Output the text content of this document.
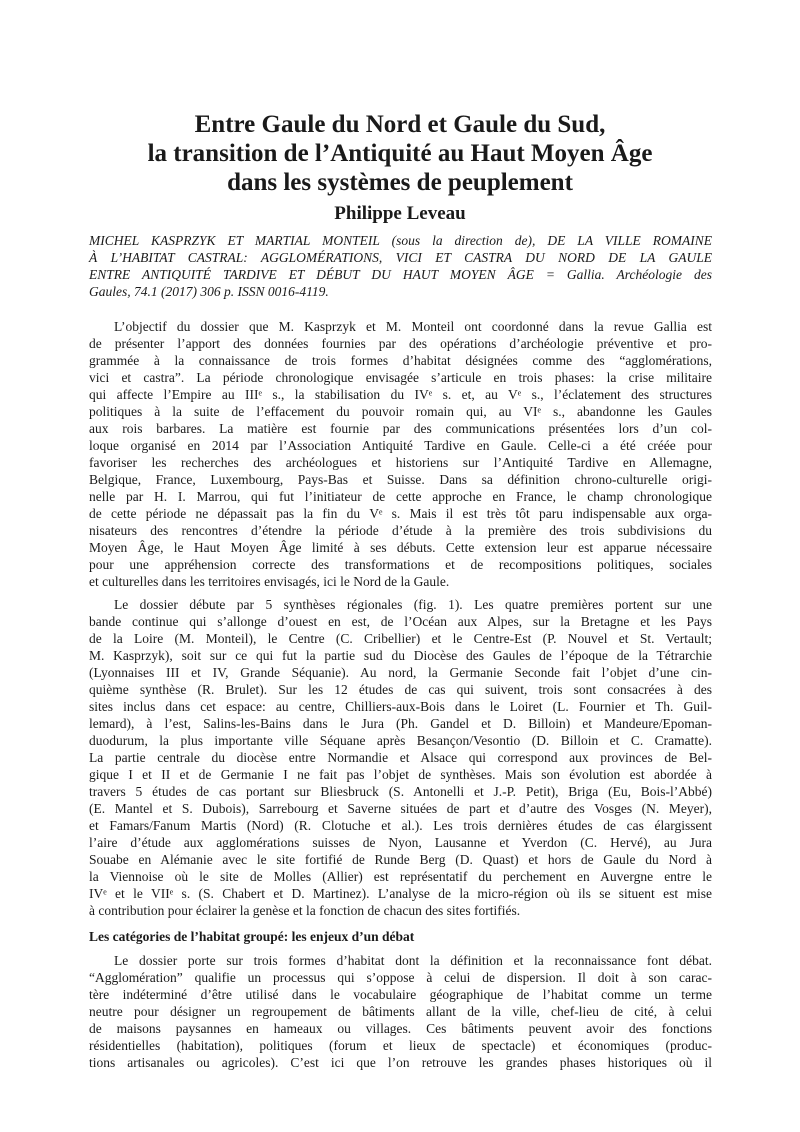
Entre Gaule du Nord et Gaule du Sud,
la transition de l’Antiquité au Haut Moyen Âge
dans les systèmes de peuplement
Philippe Leveau
MICHEL KASPRZYK ET MARTIAL MONTEIL (sous la direction de), DE LA VILLE ROMAINE
À L’HABITAT CASTRAL: AGGLOMÉRATIONS, VICI ET CASTRA DU NORD DE LA GAULE
ENTRE ANTIQUITÉ TARDIVE ET DÉBUT DU HAUT MOYEN ÂGE = Gallia. Archéologie des
Gaules, 74.1 (2017) 306 p. ISSN 0016-4119.
L’objectif du dossier que M. Kasprzyk et M. Monteil ont coordonné dans la revue Gallia est
de présenter l’apport des données fournies par des opérations d’archéologie préventive et pro-
grammée à la connaissance de trois formes d’habitat désignées comme des “agglomérations,
vici et castra”. La période chronologique envisagée s’articule en trois phases: la crise militaire
qui affecte l’Empire au IIIᵉ s., la stabilisation du IVᵉ s. et, au Vᵉ s., l’éclatement des structures
politiques à la suite de l’effacement du pouvoir romain qui, au VIᵉ s., abandonne les Gaules
aux rois barbares. La matière est fournie par des communications présentées lors d’un col-
loque organisé en 2014 par l’Association Antiquité Tardive en Gaule. Celle-ci a été créée pour
favoriser les recherches des archéologues et historiens sur l’Antiquité Tardive en Allemagne,
Belgique, France, Luxembourg, Pays-Bas et Suisse. Dans sa définition chrono-culturelle origi-
nelle par H. I. Marrou, qui fut l’initiateur de cette approche en France, le champ chronologique
de cette période ne dépassait pas la fin du Vᵉ s. Mais il est très tôt paru indispensable aux orga-
nisateurs des rencontres d’étendre la période d’étude à la première des trois subdivisions du
Moyen Âge, le Haut Moyen Âge limité à ses débuts. Cette extension leur est apparue nécessaire
pour une appréhension correcte des transformations et de recompositions politiques, sociales
et culturelles dans les territoires envisagés, ici le Nord de la Gaule.
Le dossier débute par 5 synthèses régionales (fig. 1). Les quatre premières portent sur une
bande continue qui s’allonge d’ouest en est, de l’Océan aux Alpes, sur la Bretagne et les Pays
de la Loire (M. Monteil), le Centre (C. Cribellier) et le Centre-Est (P. Nouvel et St. Vertault;
M. Kasprzyk), soit sur ce qui fut la partie sud du Diocèse des Gaules de l’époque de la Tétrarchie
(Lyonnaises III et IV, Grande Séquanie). Au nord, la Germanie Seconde fait l’objet d’une cin-
quième synthèse (R. Brulet). Sur les 12 études de cas qui suivent, trois sont consacrées à des
sites inclus dans cet espace: au centre, Chilliers-aux-Bois dans le Loiret (L. Fournier et Th. Guil-
lemard), à l’est, Salins-les-Bains dans le Jura (Ph. Gandel et D. Billoin) et Mandeure/Epoman-
duodurum, la plus importante ville Séquane après Besançon/Vesontio (D. Billoin et C. Cramatte).
La partie centrale du diocèse entre Normandie et Alsace qui correspond aux provinces de Bel-
gique I et II et de Germanie I ne fait pas l’objet de synthèses. Mais son évolution est abordée à
travers 5 études de cas portant sur Bliesbruck (S. Antonelli et J.-P. Petit), Briga (Eu, Bois-l’Abbé)
(E. Mantel et S. Dubois), Sarrebourg et Saverne situées de part et d’autre des Vosges (N. Meyer),
et Famars/Fanum Martis (Nord) (R. Clotuche et al.). Les trois dernières études de cas élargissent
l’aire d’étude aux agglomérations suisses de Nyon, Lausanne et Yverdon (C. Hervé), au Jura
Souabe en Alémanie avec le site fortifié de Runde Berg (D. Quast) et hors de Gaule du Nord à
la Viennoise où le site de Molles (Allier) est représentatif du perchement en Auvergne entre le
IVᵉ et le VIIᵉ s. (S. Chabert et D. Martinez). L’analyse de la micro-région où ils se situent est mise
à contribution pour éclairer la genèse et la fonction de chacun des sites fortifiés.
Les catégories de l’habitat groupé: les enjeux d’un débat
Le dossier porte sur trois formes d’habitat dont la définition et la reconnaissance font débat.
“Agglomération” qualifie un processus qui s’oppose à celui de dispersion. Il doit à son carac-
tère indéterminé d’être utilisé dans le vocabulaire géographique de l’habitat comme un terme
neutre pour désigner un regroupement de bâtiments allant de la ville, chef-lieu de cité, à celui
de maisons paysannes en hameaux ou villages. Ces bâtiments peuvent avoir des fonctions
résidentielles (habitation), politiques (forum et lieux de spectacle) et économiques (produc-
tions artisanales ou agricoles). C’est ici que l’on retrouve les grandes phases historiques où il
